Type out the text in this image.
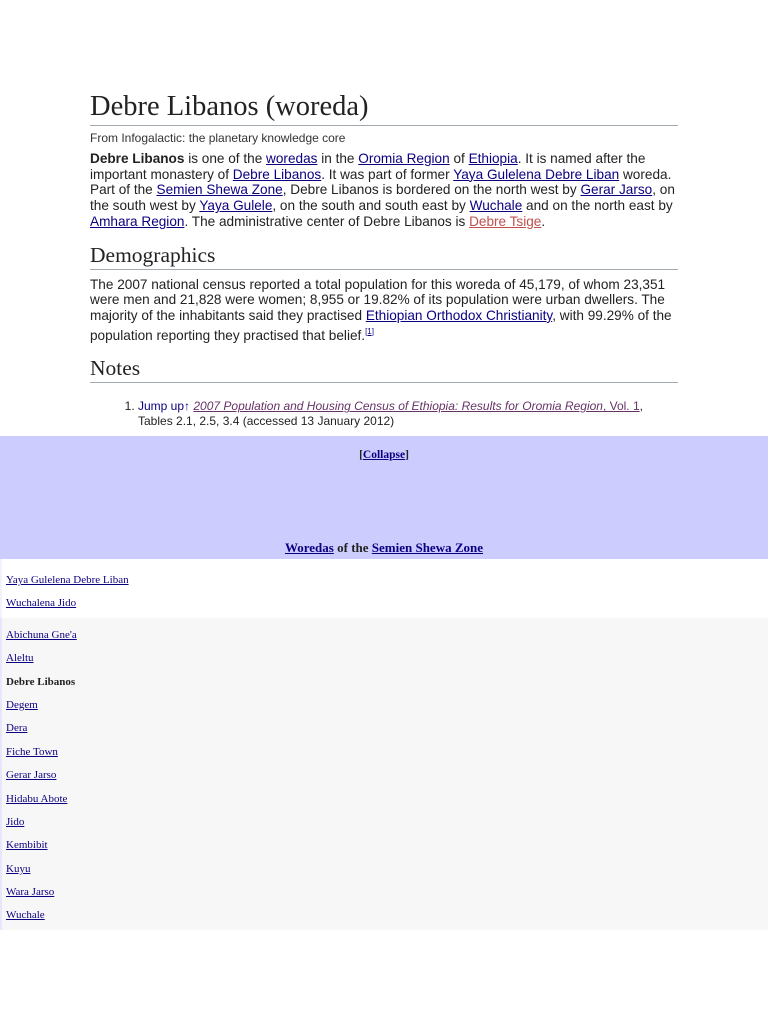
Debre Libanos (woreda)
From Infogalactic: the planetary knowledge core

Debre Libanos is one of the woredas in the Oromia Region of Ethiopia. It is named after the important monastery of Debre Libanos. It was part of former Yaya Gulelena Debre Liban woreda. Part of the Semien Shewa Zone, Debre Libanos is bordered on the north west by Gerar Jarso, on the south west by Yaya Gulele, on the south and south east by Wuchale and on the north east by Amhara Region. The administrative center of Debre Libanos is Debre Tsige.

Demographics

The 2007 national census reported a total population for this woreda of 45,179, of whom 23,351 were men and 21,828 were women; 8,955 or 19.82% of its population were urban dwellers. The majority of the inhabitants said they practised Ethiopian Orthodox Christianity, with 99.29% of the population reporting they practised that belief.[1]

Notes
1. Jump up↑ 2007 Population and Housing Census of Ethiopia: Results for Oromia Region, Vol. 1,
Tables 2.1, 2.5, 3.4 (accessed 13 January 2012)
[Collapse]
Woredas of the Semien Shewa Zone
Yaya Gulelena Debre Liban
Wuchalena Jido
Abichuna Gne'a
Aleltu
Debre Libanos
Degem
Dera
Fiche Town
Gerar Jarso
Hidabu Abote
Jido
Kembibit
Kuyu
Wara Jarso
Wuchale
